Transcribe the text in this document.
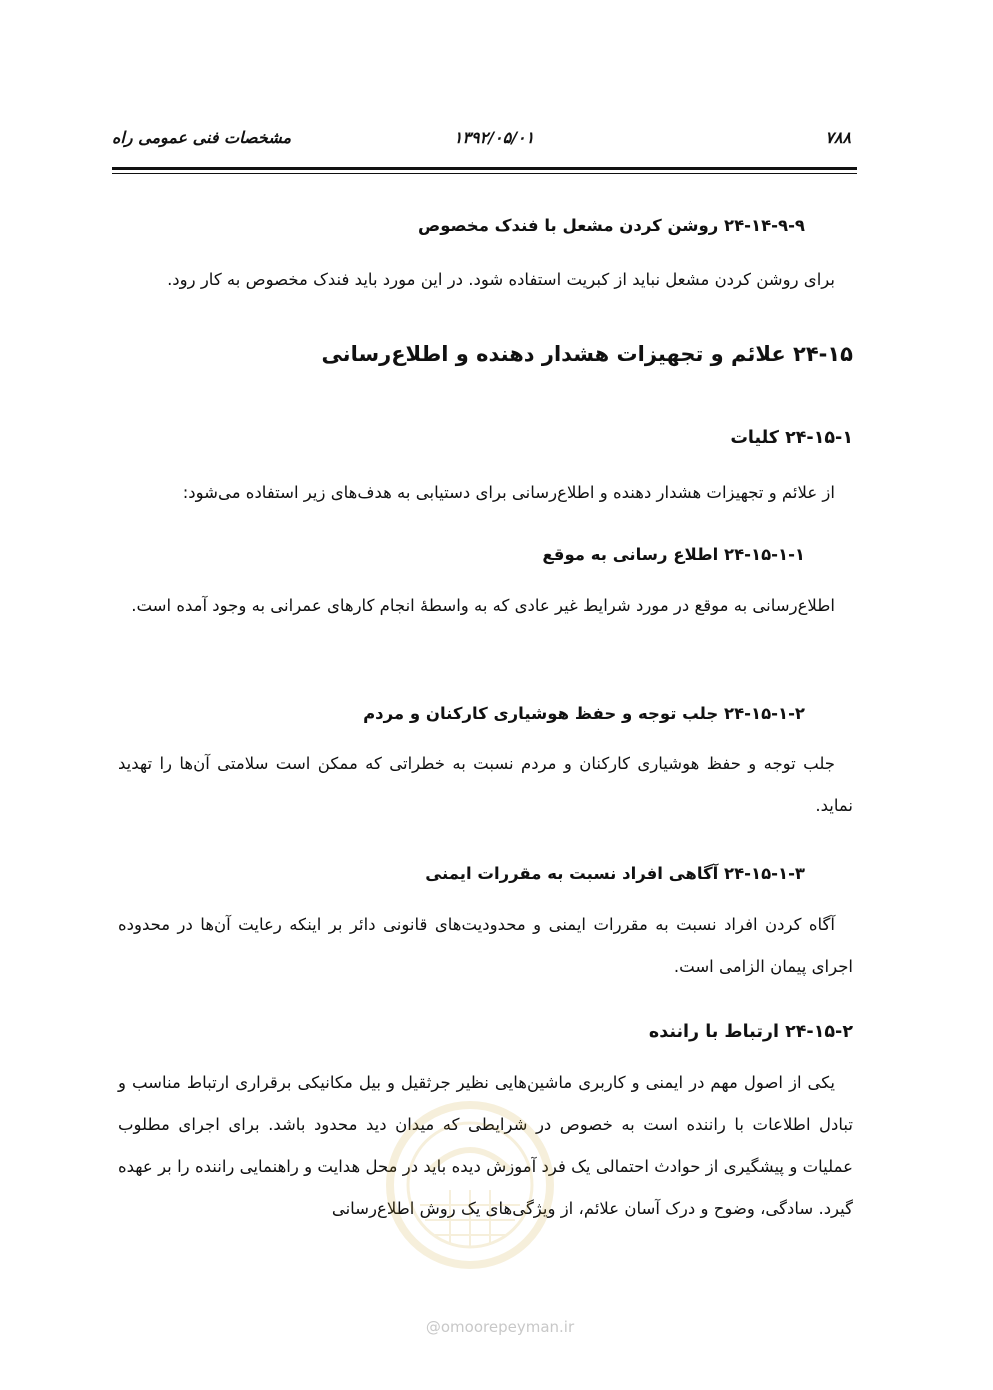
۷۸۸
۱۳۹۲/۰۵/۰۱
مشخصات فنی عمومی راه
۲۴-۱۴-۹-۹ روشن کردن مشعل با فندک مخصوص
برای روشن کردن مشعل نباید از کبریت استفاده شود. در این مورد باید فندک مخصوص به کار رود.
۲۴-۱۵ علائم و تجهیزات هشدار دهنده و اطلاع‌رسانی
۲۴-۱۵-۱ کلیات
از علائم و تجهیزات هشدار دهنده و اطلاع‌رسانی برای دستیابی به هدف‌های زیر استفاده می‌شود:
۲۴-۱۵-۱-۱ اطلاع رسانی به موقع
اطلاع‌رسانی به موقع در مورد شرایط غیر عادی که به واسطهٔ انجام کارهای عمرانی به وجود آمده است.
۲۴-۱۵-۱-۲ جلب توجه و حفظ هوشیاری کارکنان و مردم
جلب توجه و حفظ هوشیاری کارکنان و مردم نسبت به خطراتی که ممکن است سلامتی آن‌ها را تهدید نماید.
۲۴-۱۵-۱-۳ آگاهی افراد نسبت به مقررات ایمنی
آگاه کردن افراد نسبت به مقررات ایمنی و محدودیت‌های قانونی دائر بر اینکه رعایت آن‌ها در محدوده اجرای پیمان الزامی است.
۲۴-۱۵-۲ ارتباط با راننده
یکی از اصول مهم در ایمنی و کاربری ماشین‌هایی نظیر جرثقیل و بیل مکانیکی برقراری ارتباط مناسب و تبادل اطلاعات با راننده است به خصوص در شرایطی که میدان دید محدود باشد. برای اجرای مطلوب عملیات و پیشگیری از حوادث احتمالی یک فرد آموزش دیده باید در محل هدایت و راهنمایی راننده را بر عهده گیرد. سادگی، وضوح و درک آسان علائم، از ویژگی‌های یک روش اطلاع‌رسانی
@omoorepeyman.ir
